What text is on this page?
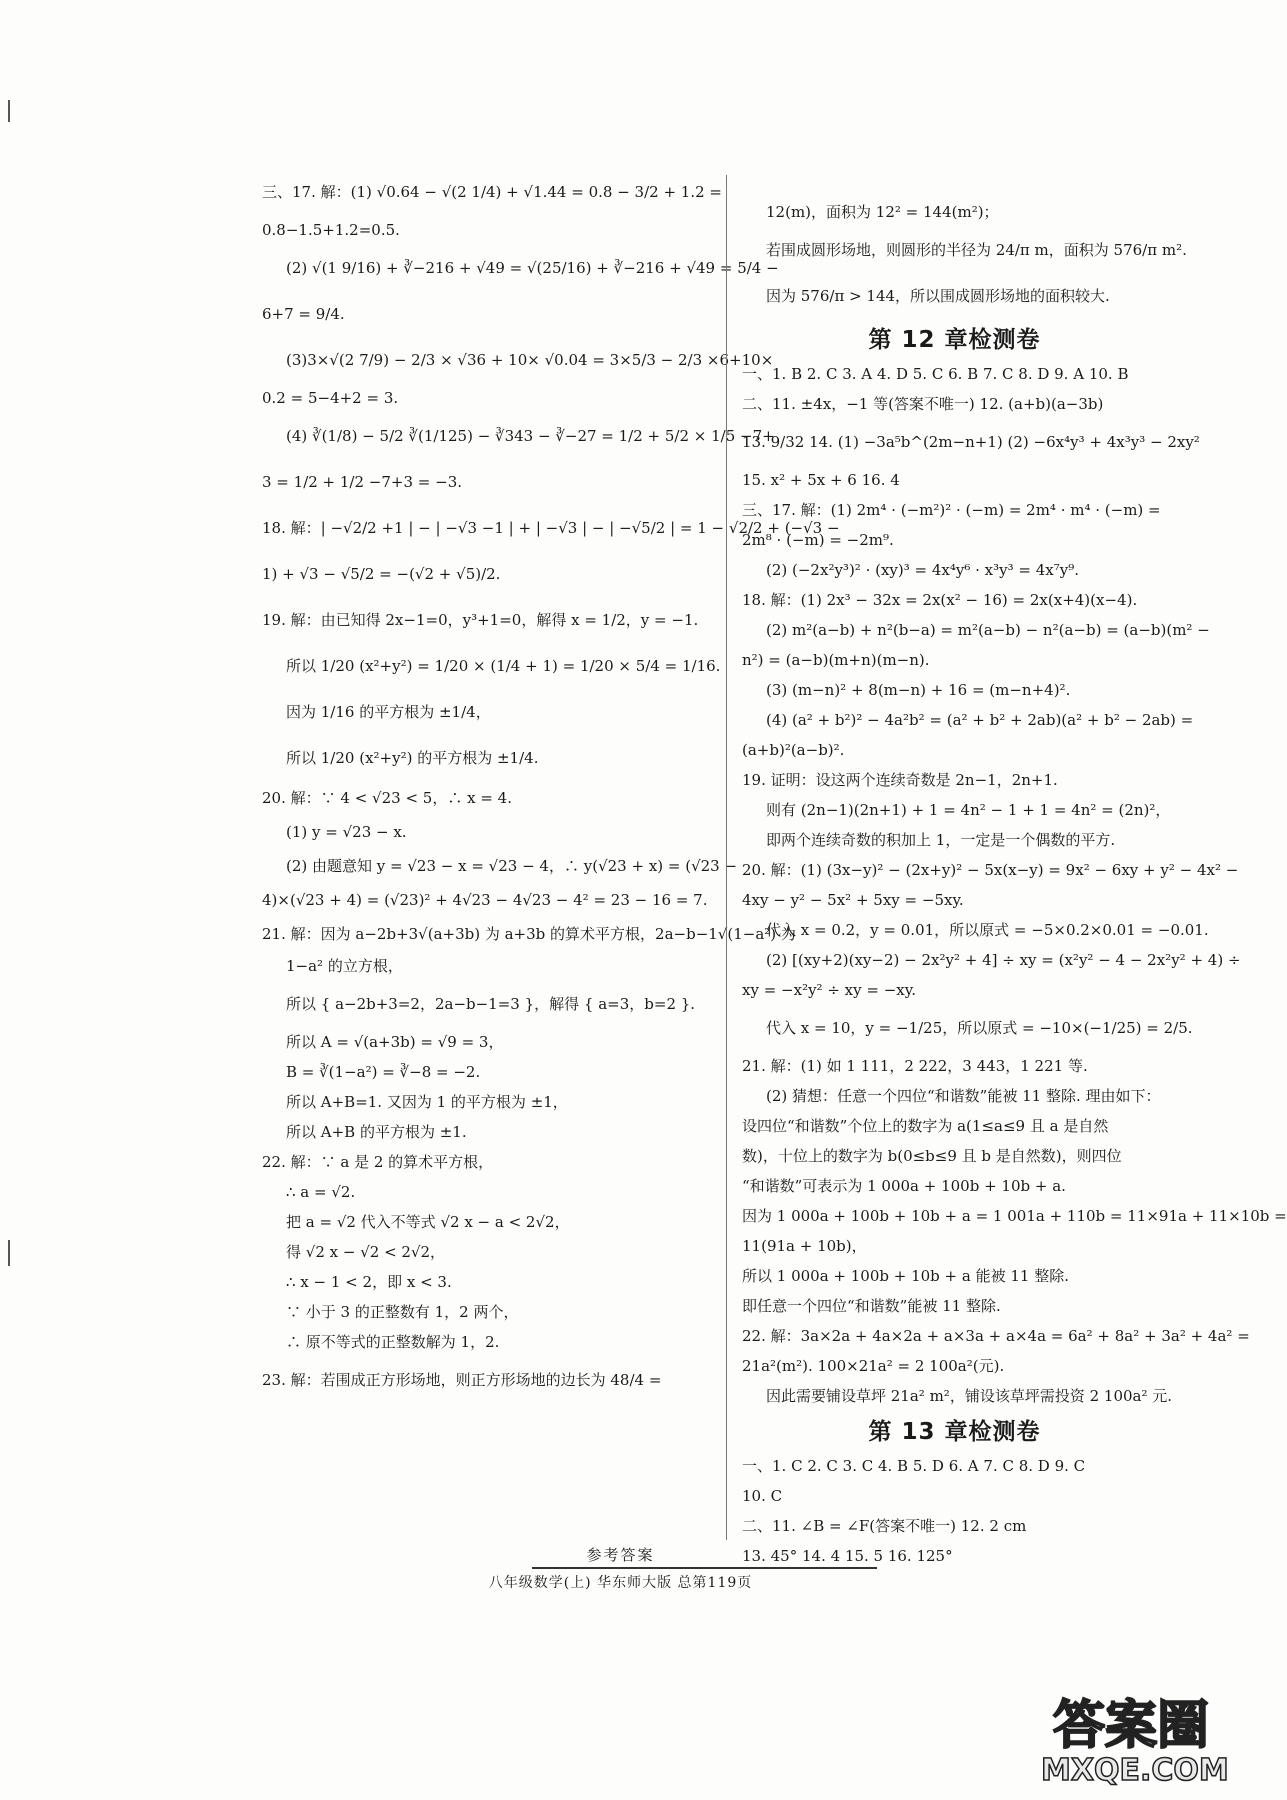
三、17. 解：(1) √0.64 − √(2 1/4) + √1.44 = 0.8 − 3/2 + 1.2 =
0.8−1.5+1.2=0.5.
(2) √(1 9/16) + ∛−216 + √49 = √(25/16) + ∛−216 + √49 = 5/4 −
6+7 = 9/4.
(3)3×√(2 7/9) − 2/3 × √36 + 10× √0.04 = 3×5/3 − 2/3 ×6+10×
0.2 = 5−4+2 = 3.
(4) ∛(1/8) − 5/2 ∛(1/125) − ∛343 − ∛−27 = 1/2 + 5/2 × 1/5 −7+
3 = 1/2 + 1/2 −7+3 = −3.
18. 解：| −√2/2 +1 | − | −√3 −1 | + | −√3 | − | −√5/2 | = 1 − √2/2 + (−√3 −
1) + √3 − √5/2 = −(√2 + √5)/2.
19. 解：由已知得 2x−1=0，y³+1=0，解得 x = 1/2，y = −1.
所以 1/20 (x²+y²) = 1/20 × (1/4 + 1) = 1/20 × 5/4 = 1/16.
因为 1/16 的平方根为 ±1/4，
所以 1/20 (x²+y²) 的平方根为 ±1/4.
20. 解：∵ 4 < √23 < 5，∴ x = 4.
(1) y = √23 − x.
(2) 由题意知 y = √23 − x = √23 − 4，∴ y(√23 + x) = (√23 −
4)×(√23 + 4) = (√23)² + 4√23 − 4√23 − 4² = 23 − 16 = 7.
21. 解：因为 a−2b+3√(a+3b) 为 a+3b 的算术平方根，2a−b−1√(1−a²) 为
1−a² 的立方根，
所以 { a−2b+3=2，2a−b−1=3 }，解得 { a=3，b=2 }.
所以 A = √(a+3b) = √9 = 3，
B = ∛(1−a²) = ∛−8 = −2.
所以 A+B=1. 又因为 1 的平方根为 ±1，
所以 A+B 的平方根为 ±1.
22. 解：∵ a 是 2 的算术平方根，
∴ a = √2.
把 a = √2 代入不等式 √2 x − a < 2√2，
得 √2 x − √2 < 2√2，
∴ x − 1 < 2，即 x < 3.
∵ 小于 3 的正整数有 1，2 两个，
∴ 原不等式的正整数解为 1，2.
23. 解：若围成正方形场地，则正方形场地的边长为 48/4 =
12(m)，面积为 12² = 144(m²)；
若围成圆形场地，则圆形的半径为 24/π m，面积为 576/π m².
因为 576/π > 144，所以围成圆形场地的面积较大.
第 12 章检测卷
一、1. B 2. C 3. A 4. D 5. C 6. B 7. C 8. D 9. A 10. B
二、11. ±4x，−1 等(答案不唯一) 12. (a+b)(a−3b)
13. 9/32 14. (1) −3a⁵b^(2m−n+1) (2) −6x⁴y³ + 4x³y³ − 2xy²
15. x² + 5x + 6 16. 4
三、17. 解：(1) 2m⁴ · (−m²)² · (−m) = 2m⁴ · m⁴ · (−m) =
2m⁸ · (−m) = −2m⁹.
(2) (−2x²y³)² · (xy)³ = 4x⁴y⁶ · x³y³ = 4x⁷y⁹.
18. 解：(1) 2x³ − 32x = 2x(x² − 16) = 2x(x+4)(x−4).
(2) m²(a−b) + n²(b−a) = m²(a−b) − n²(a−b) = (a−b)(m² −
n²) = (a−b)(m+n)(m−n).
(3) (m−n)² + 8(m−n) + 16 = (m−n+4)².
(4) (a² + b²)² − 4a²b² = (a² + b² + 2ab)(a² + b² − 2ab) =
(a+b)²(a−b)².
19. 证明：设这两个连续奇数是 2n−1，2n+1.
则有 (2n−1)(2n+1) + 1 = 4n² − 1 + 1 = 4n² = (2n)²，
即两个连续奇数的积加上 1，一定是一个偶数的平方.
20. 解：(1) (3x−y)² − (2x+y)² − 5x(x−y) = 9x² − 6xy + y² − 4x² −
4xy − y² − 5x² + 5xy = −5xy.
代入 x = 0.2，y = 0.01，所以原式 = −5×0.2×0.01 = −0.01.
(2) [(xy+2)(xy−2) − 2x²y² + 4] ÷ xy = (x²y² − 4 − 2x²y² + 4) ÷
xy = −x²y² ÷ xy = −xy.
代入 x = 10，y = −1/25，所以原式 = −10×(−1/25) = 2/5.
21. 解：(1) 如 1 111，2 222，3 443，1 221 等.
(2) 猜想：任意一个四位“和谐数”能被 11 整除. 理由如下：
设四位“和谐数”个位上的数字为 a(1≤a≤9 且 a 是自然
数)，十位上的数字为 b(0≤b≤9 且 b 是自然数)，则四位
“和谐数”可表示为 1 000a + 100b + 10b + a.
因为 1 000a + 100b + 10b + a = 1 001a + 110b = 11×91a + 11×10b =
11(91a + 10b)，
所以 1 000a + 100b + 10b + a 能被 11 整除.
即任意一个四位“和谐数”能被 11 整除.
22. 解：3a×2a + 4a×2a + a×3a + a×4a = 6a² + 8a² + 3a² + 4a² =
21a²(m²). 100×21a² = 2 100a²(元).
因此需要铺设草坪 21a² m²，铺设该草坪需投资 2 100a² 元.
第 13 章检测卷
一、1. C 2. C 3. C 4. B 5. D 6. A 7. C 8. D 9. C
10. C
二、11. ∠B = ∠F(答案不唯一) 12. 2 cm
13. 45° 14. 4 15. 5 16. 125°
参考答案
八年级数学(上) 华东师大版 总第119页
答案圈
MXQE.COM
